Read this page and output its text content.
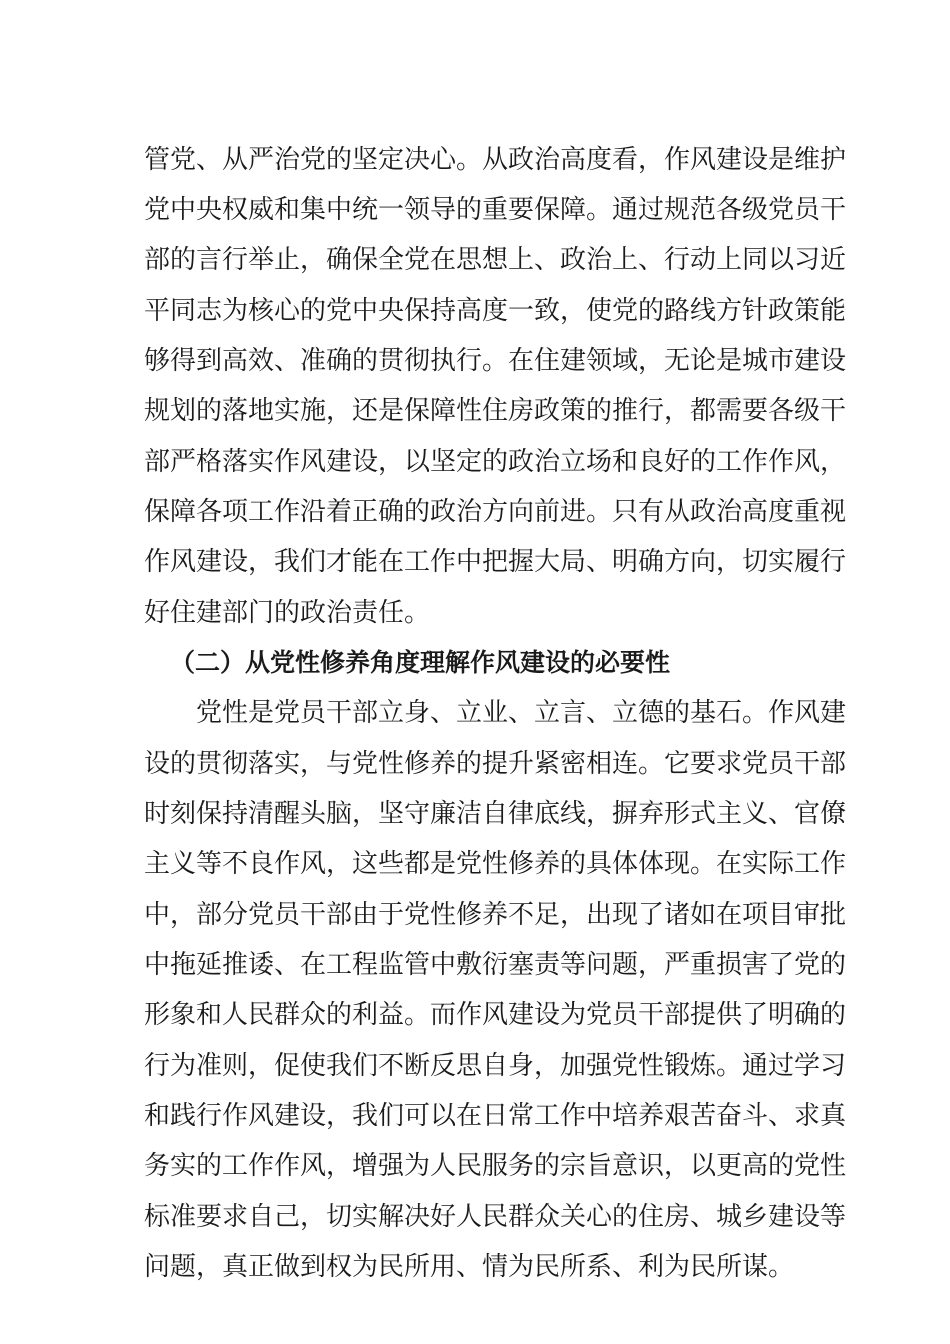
管党、从严治党的坚定决心。从政治高度看，作风建设是维护

党中央权威和集中统一领导的重要保障。通过规范各级党员干

部的言行举止，确保全党在思想上、政治上、行动上同以习近

平同志为核心的党中央保持高度一致，使党的路线方针政策能

够得到高效、准确的贯彻执行。在住建领域，无论是城市建设

规划的落地实施，还是保障性住房政策的推行，都需要各级干

部严格落实作风建设，以坚定的政治立场和良好的工作作风，

保障各项工作沿着正确的政治方向前进。只有从政治高度重视

作风建设，我们才能在工作中把握大局、明确方向，切实履行

好住建部门的政治责任。

（二）从党性修养角度理解作风建设的必要性

党性是党员干部立身、立业、立言、立德的基石。作风建

设的贯彻落实，与党性修养的提升紧密相连。它要求党员干部

时刻保持清醒头脑，坚守廉洁自律底线，摒弃形式主义、官僚

主义等不良作风，这些都是党性修养的具体体现。在实际工作

中，部分党员干部由于党性修养不足，出现了诸如在项目审批

中拖延推诿、在工程监管中敷衍塞责等问题，严重损害了党的

形象和人民群众的利益。而作风建设为党员干部提供了明确的

行为准则，促使我们不断反思自身，加强党性锻炼。通过学习

和践行作风建设，我们可以在日常工作中培养艰苦奋斗、求真

务实的工作作风，增强为人民服务的宗旨意识，以更高的党性

标准要求自己，切实解决好人民群众关心的住房、城乡建设等

问题，真正做到权为民所用、情为民所系、利为民所谋。
